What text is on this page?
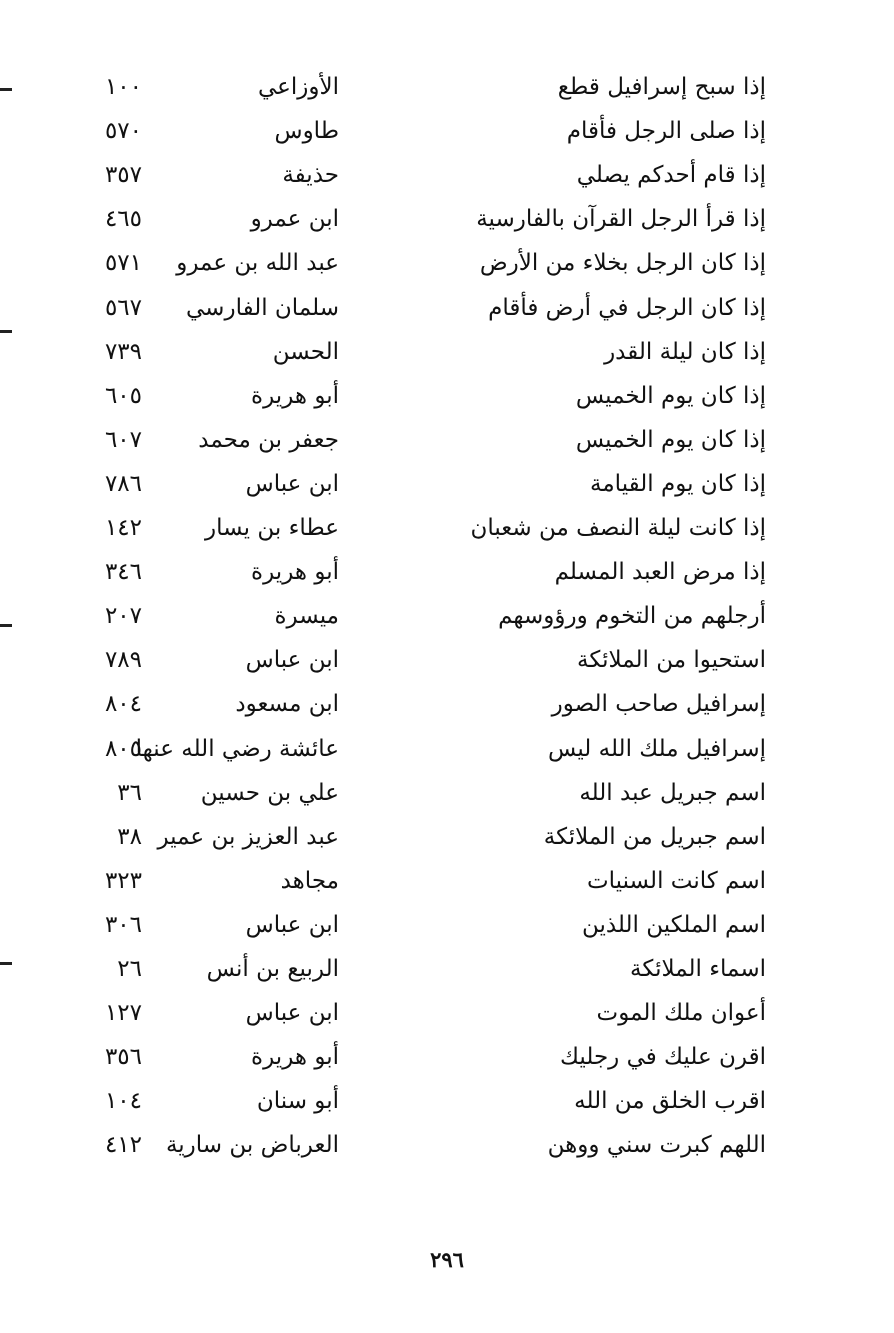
إذا سبح إسرافيل قطع
الأوزاعي
١٠٠
إذا صلى الرجل فأقام
طاوس
٥٧٠
إذا قام أحدكم يصلي
حذيفة
٣٥٧
إذا قرأ الرجل القرآن بالفارسية
ابن عمرو
٤٦٥
إذا كان الرجل بخلاء من الأرض
عبد الله بن عمرو
٥٧١
إذا كان الرجل في أرض فأقام
سلمان الفارسي
٥٦٧
إذا كان ليلة القدر
الحسن
٧٣٩
إذا كان يوم الخميس
أبو هريرة
٦٠٥
إذا كان يوم الخميس
جعفر بن محمد
٦٠٧
إذا كان يوم القيامة
ابن عباس
٧٨٦
إذا كانت ليلة النصف من شعبان
عطاء بن يسار
١٤٢
إذا مرض العبد المسلم
أبو هريرة
٣٤٦
أرجلهم من التخوم ورؤوسهم
ميسرة
٢٠٧
استحيوا من الملائكة
ابن عباس
٧٨٩
إسرافيل صاحب الصور
ابن مسعود
٨٠٤
إسرافيل ملك الله ليس
عائشة رضي الله عنها
٨٠٥
اسم جبريل عبد الله
علي بن حسين
٣٦
اسم جبريل من الملائكة
عبد العزيز بن عمير
٣٨
اسم كانت السنيات
مجاهد
٣٢٣
اسم الملكين اللذين
ابن عباس
٣٠٦
اسماء الملائكة
الربيع بن أنس
٢٦
أعوان ملك الموت
ابن عباس
١٢٧
اقرن عليك في رجليك
أبو هريرة
٣٥٦
اقرب الخلق من الله
أبو سنان
١٠٤
اللهم كبرت سني ووهن
العرباض بن سارية
٤١٢
٢٩٦
